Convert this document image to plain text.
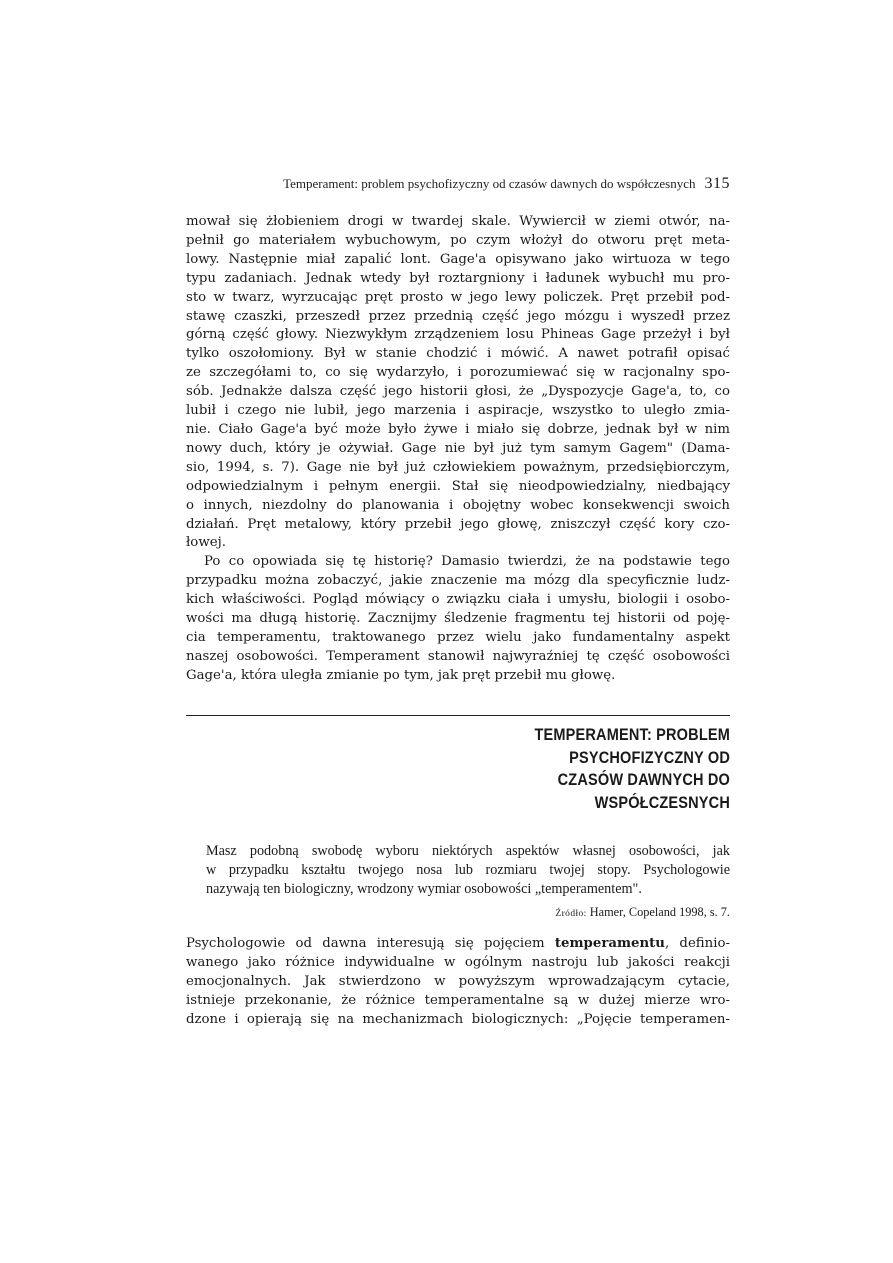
Temperament: problem psychofizyczny od czasów dawnych do współczesnych 315

mował się żłobieniem drogi w twardej skale. Wywiercił w ziemi otwór, na-
pełnił go materiałem wybuchowym, po czym włożył do otworu pręt meta-
lowy. Następnie miał zapalić lont. Gage'a opisywano jako wirtuoza w tego
typu zadaniach. Jednak wtedy był roztargniony i ładunek wybuchł mu pro-
sto w twarz, wyrzucając pręt prosto w jego lewy policzek. Pręt przebił pod-
stawę czaszki, przeszedł przez przednią część jego mózgu i wyszedł przez
górną część głowy. Niezwykłym zrządzeniem losu Phineas Gage przeżył i był
tylko oszołomiony. Był w stanie chodzić i mówić. A nawet potrafił opisać
ze szczegółami to, co się wydarzyło, i porozumiewać się w racjonalny spo-
sób. Jednakże dalsza część jego historii głosi, że „Dyspozycje Gage'a, to, co
lubił i czego nie lubił, jego marzenia i aspiracje, wszystko to uległo zmia-
nie. Ciało Gage'a być może było żywe i miało się dobrze, jednak był w nim
nowy duch, który je ożywiał. Gage nie był już tym samym Gagem" (Dama-
sio, 1994, s. 7). Gage nie był już człowiekiem poważnym, przedsiębiorczym,
odpowiedzialnym i pełnym energii. Stał się nieodpowiedzialny, niedbający
o innych, niezdolny do planowania i obojętny wobec konsekwencji swoich
działań. Pręt metalowy, który przebił jego głowę, zniszczył część kory czo-
łowej.

Po co opowiada się tę historię? Damasio twierdzi, że na podstawie tego
przypadku można zobaczyć, jakie znaczenie ma mózg dla specyficznie ludz-
kich właściwości. Pogląd mówiący o związku ciała i umysłu, biologii i osobo-
wości ma długą historię. Zacznijmy śledzenie fragmentu tej historii od poję-
cia temperamentu, traktowanego przez wielu jako fundamentalny aspekt
naszej osobowości. Temperament stanowił najwyraźniej tę część osobowości
Gage'a, która uległa zmianie po tym, jak pręt przebił mu głowę.

TEMPERAMENT: PROBLEM
PSYCHOFIZYCZNY OD
CZASÓW DAWNYCH DO
WSPÓŁCZESNYCH
Masz podobną swobodę wyboru niektórych aspektów własnej osobowości, jak
w przypadku kształtu twojego nosa lub rozmiaru twojej stopy. Psychologowie
nazywają ten biologiczny, wrodzony wymiar osobowości „temperamentem".
Źródło: Hamer, Copeland 1998, s. 7.

Psychologowie od dawna interesują się pojęciem temperamentu, definio-
wanego jako różnice indywidualne w ogólnym nastroju lub jakości reakcji
emocjonalnych. Jak stwierdzono w powyższym wprowadzającym cytacie,
istnieje przekonanie, że różnice temperamentalne są w dużej mierze wro-
dzone i opierają się na mechanizmach biologicznych: „Pojęcie temperamen-
